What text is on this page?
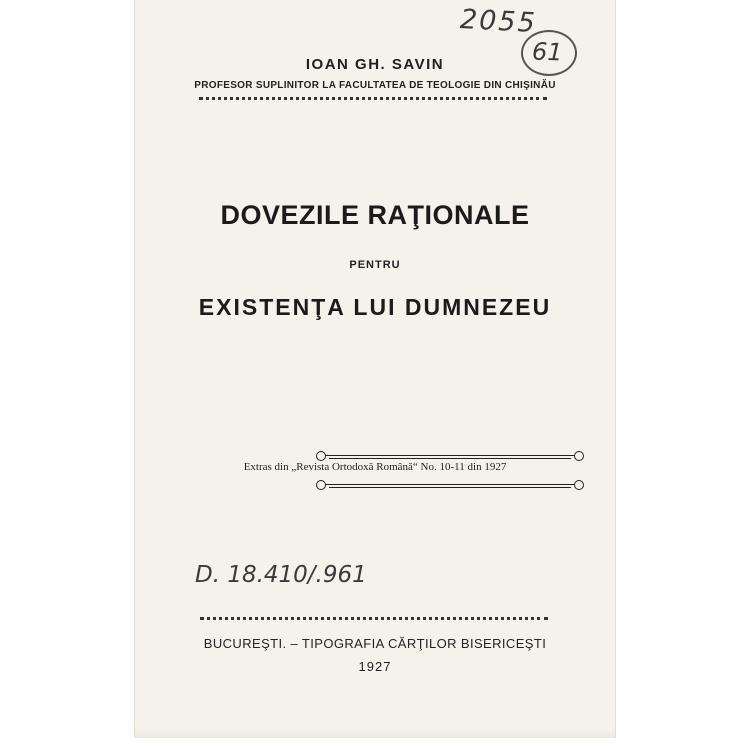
2055
61
IOAN GH. SAVIN
PROFESOR SUPLINITOR LA FACULTATEA DE TEOLOGIE DIN CHIŞINĂU
DOVEZILE RAŢIONALE
PENTRU
EXISTENŢA LUI DUMNEZEU
Extras din „Revista Ortodoxă Română“ No. 10-11 din 1927
D. 18.410/.961
BUCUREŞTI. – TIPOGRAFIA CĂRŢILOR BISERICEŞTI
1927
